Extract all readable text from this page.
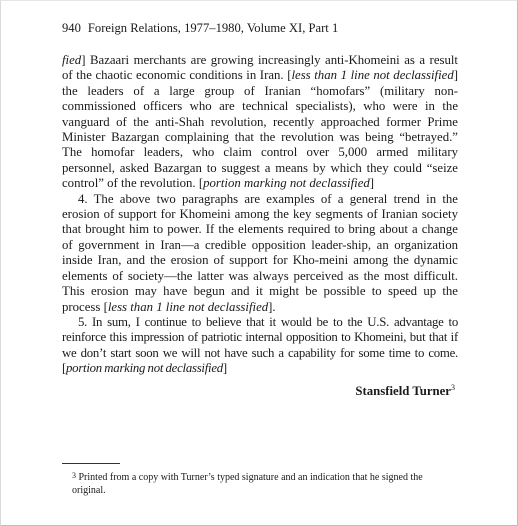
940 Foreign Relations, 1977–1980, Volume XI, Part 1

fied] Bazaari merchants are growing increasingly anti-Khomeini as a result of the chaotic economic conditions in Iran. [less than 1 line not declassified] the leaders of a large group of Iranian “homofars” (military non-commissioned officers who are technical specialists), who were in the vanguard of the anti-Shah revolution, recently approached former Prime Minister Bazargan complaining that the revolution was being “betrayed.” The homofar leaders, who claim control over 5,000 armed military personnel, asked Bazargan to suggest a means by which they could “seize control” of the revolution. [portion marking not declassified]

4. The above two paragraphs are examples of a general trend in the erosion of support for Khomeini among the key segments of Iranian society that brought him to power. If the elements required to bring about a change of government in Iran—a credible opposition leader-ship, an organization inside Iran, and the erosion of support for Kho-meini among the dynamic elements of society—the latter was always perceived as the most difficult. This erosion may have begun and it might be possible to speed up the process [less than 1 line not declassified].

5. In sum, I continue to believe that it would be to the U.S. advantage to reinforce this impression of patriotic internal opposition to Khomeini, but that if we don’t start soon we will not have such a capability for some time to come. [portion marking not declassified]

Stansfield Turner$^3$
$^3$ Printed from a copy with Turner’s typed signature and an indication that he signed the original.
